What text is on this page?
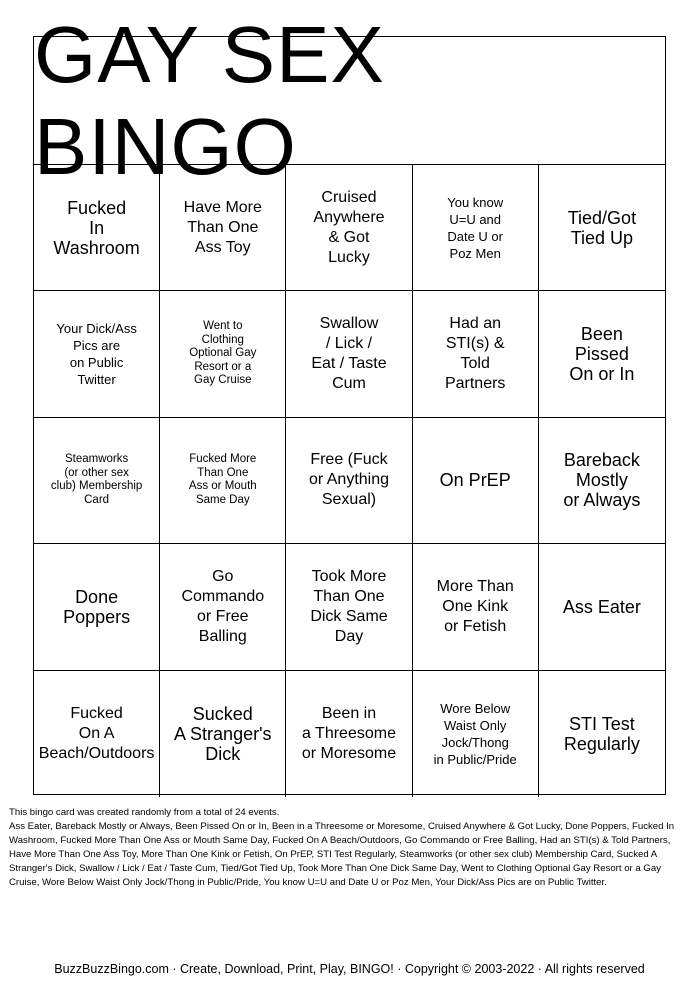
GAY SEX BINGO
Fucked
In
Washroom
Have More
Than One
Ass Toy
Cruised
Anywhere
& Got
Lucky
You know
U=U and
Date U or
Poz Men
Tied/Got
Tied Up
Your Dick/Ass
Pics are
on Public
Twitter
Went to
Clothing
Optional Gay
Resort or a
Gay Cruise
Swallow
/ Lick /
Eat / Taste
Cum
Had an
STI(s) &
Told
Partners
Been
Pissed
On or In
Steamworks
(or other sex
club) Membership
Card
Fucked More
Than One
Ass or Mouth
Same Day
Free (Fuck
or Anything
Sexual)
On PrEP
Bareback
Mostly
or Always
Done
Poppers
Go
Commando
or Free
Balling
Took More
Than One
Dick Same
Day
More Than
One Kink
or Fetish
Ass Eater
Fucked
On A
Beach/Outdoors
Sucked
A Stranger's
Dick
Been in
a Threesome
or Moresome
Wore Below
Waist Only
Jock/Thong
in Public/Pride
STI Test
Regularly
This bingo card was created randomly from a total of 24 events.
Ass Eater, Bareback Mostly or Always, Been Pissed On or In, Been in a Threesome or Moresome, Cruised Anywhere & Got Lucky, Done Poppers, Fucked In Washroom, Fucked More Than One Ass or Mouth Same Day, Fucked On A Beach/Outdoors, Go Commando or Free Balling, Had an STI(s) & Told Partners, Have More Than One Ass Toy, More Than One Kink or Fetish, On PrEP, STI Test Regularly, Steamworks (or other sex club) Membership Card, Sucked A Stranger's Dick, Swallow / Lick / Eat / Taste Cum, Tied/Got Tied Up, Took More Than One Dick Same Day, Went to Clothing Optional Gay Resort or a Gay Cruise, Wore Below Waist Only Jock/Thong in Public/Pride, You know U=U and Date U or Poz Men, Your Dick/Ass Pics are on Public Twitter.
BuzzBuzzBingo.com · Create, Download, Print, Play, BINGO! · Copyright © 2003-2022 · All rights reserved
